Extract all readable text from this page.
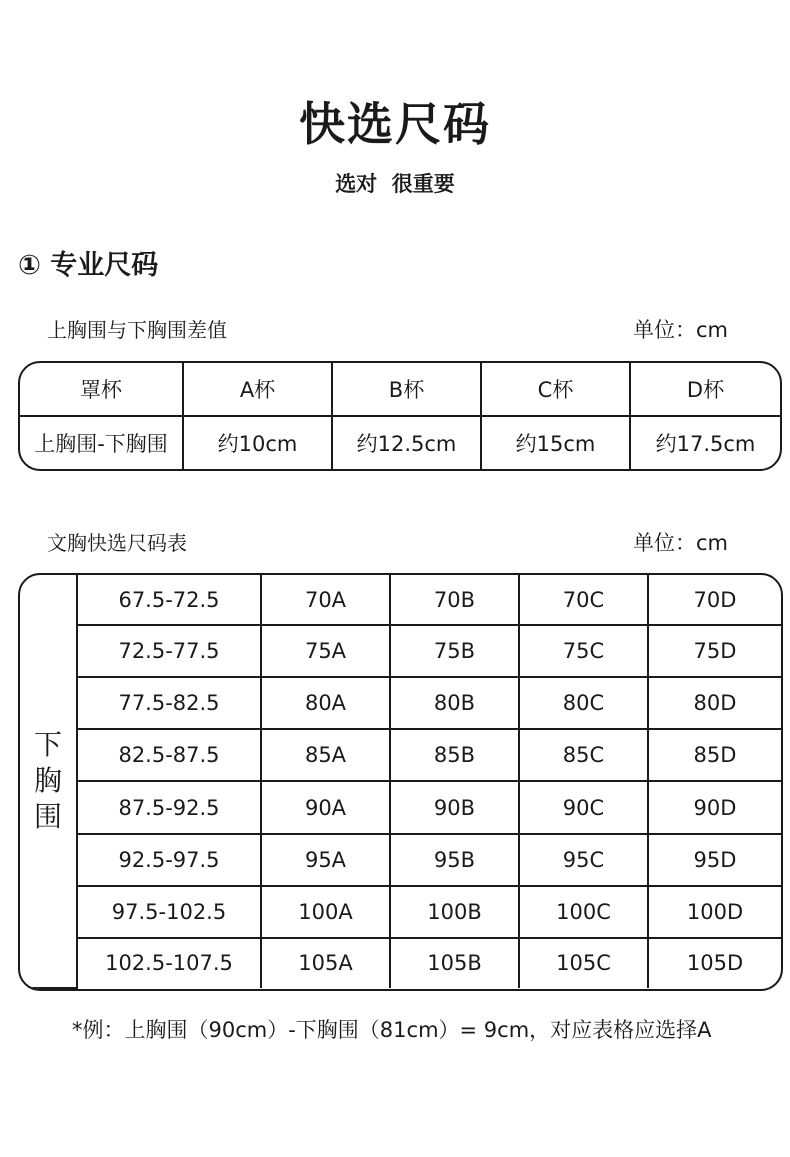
快选尺码
选对  很重要
① 专业尺码
上胸围与下胸围差值	单位：cm
罩杯	A杯	B杯	C杯	D杯
上胸围-下胸围	约10cm	约12.5cm	约15cm	约17.5cm
文胸快选尺码表	单位：cm
下胸围	67.5-72.5	70A	70B	70C	70D
	72.5-77.5	75A	75B	75C	75D
	77.5-82.5	80A	80B	80C	80D
	82.5-87.5	85A	85B	85C	85D
	87.5-92.5	90A	90B	90C	90D
	92.5-97.5	95A	95B	95C	95D
	97.5-102.5	100A	100B	100C	100D
	102.5-107.5	105A	105B	105C	105D
*例：上胸围（90cm）-下胸围（81cm）= 9cm，对应表格应选择A
